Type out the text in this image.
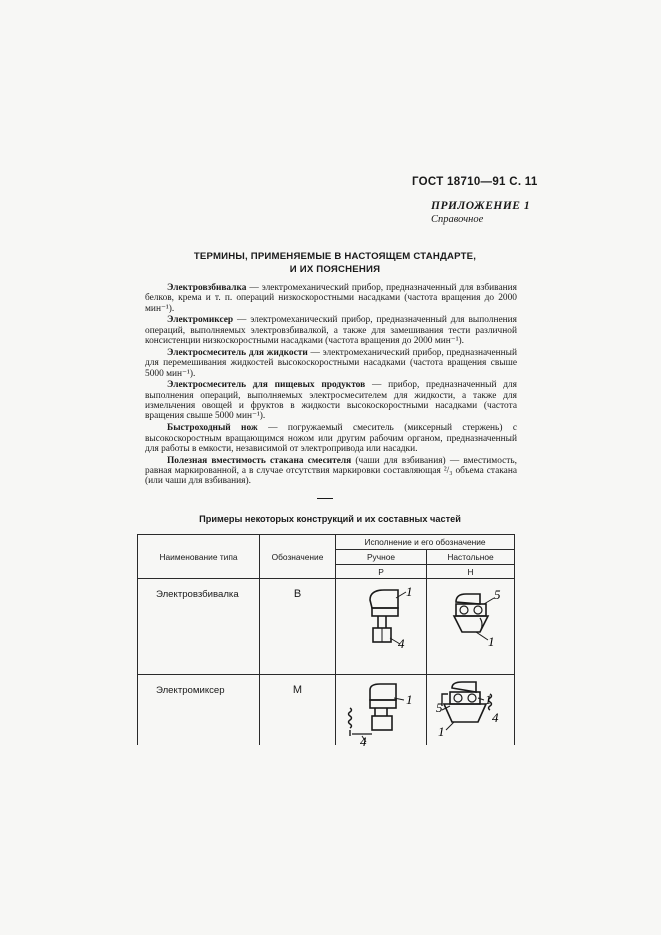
ГОСТ 18710—91 С. 11
ПРИЛОЖЕНИЕ 1
Справочное
ТЕРМИНЫ, ПРИМЕНЯЕМЫЕ В НАСТОЯЩЕМ СТАНДАРТЕ,
И ИХ ПОЯСНЕНИЯ

Электровзбивалка — электромеханический прибор, предназначенный для взбивания белков, крема и т. п. операций низкоскоростными насадками (частота вращения до 2000 мин⁻¹).

Электромиксер — электромеханический прибор, предназначенный для выполнения операций, выполняемых электровзбивалкой, а также для замешивания тести различной консистенции низкоскоростными насадками (частота вращения до 2000 мин⁻¹).

Электросмеситель для жидкости — электромеханический прибор, предназначенный для перемешивания жидкостей высокоскоростными насадками (частота вращения свыше 5000 мин⁻¹).

Электросмеситель для пищевых продуктов — прибор, предназначенный для выполнения операций, выполняемых электросмесителем для жидкости, а также для измельчения овощей и фруктов в жидкости высокоскоростными насадками (частота вращения свыше 5000 мин⁻¹).

Быстроходный нож — погружаемый смеситель (миксерный стержень) с высокоскоростным вращающимся ножом или другим рабочим органом, предназначенный для работы в емкости, независимой от электропривода или насадки.

Полезная вместимость стакана смесителя (чаши для взбивания) — вместимость, равная маркированной, а в случае отсутствия маркировки составляющая ²/₃ объема стакана (или чаши для взбивания).

Примеры некоторых конструкций и их составных частей
Наименование типа	Обозначение	Исполнение и его обозначение	
		Ручное	Настольное
		Р	Н

Электровзбивалка	В		

Электромиксер	М		

1
4
5
1
1
4
1
5
1
4
